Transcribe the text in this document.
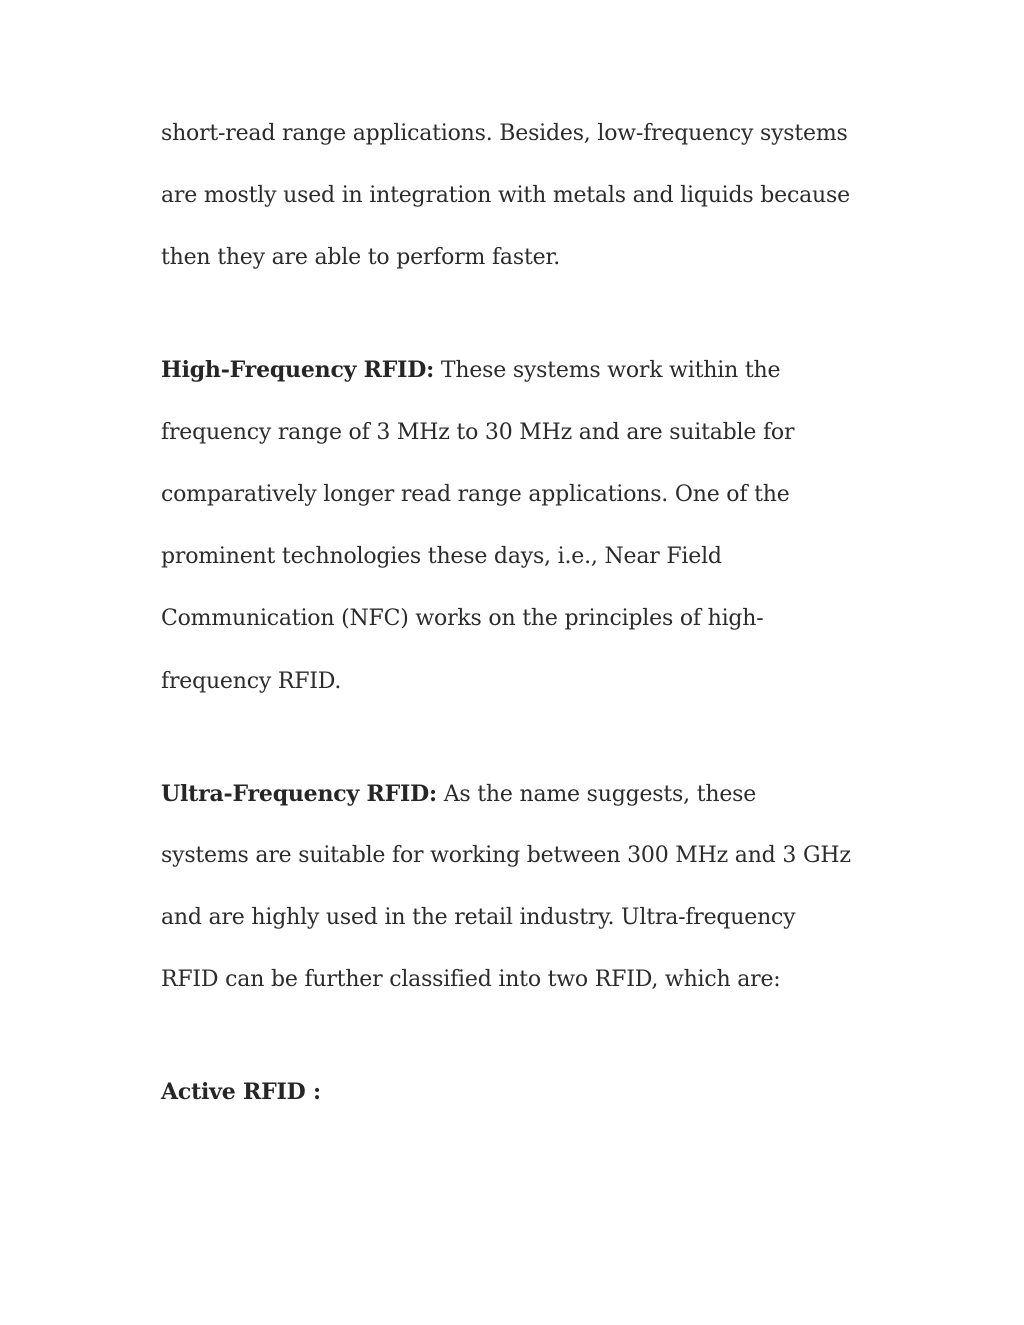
short-read range applications. Besides, low-frequency systems

are mostly used in integration with metals and liquids because

then they are able to perform faster.

High-Frequency RFID: These systems work within the

frequency range of 3 MHz to 30 MHz and are suitable for

comparatively longer read range applications. One of the

prominent technologies these days, i.e., Near Field

Communication (NFC) works on the principles of high-

frequency RFID.

Ultra-Frequency RFID: As the name suggests, these

systems are suitable for working between 300 MHz and 3 GHz

and are highly used in the retail industry. Ultra-frequency

RFID can be further classified into two RFID, which are:

Active RFID :
